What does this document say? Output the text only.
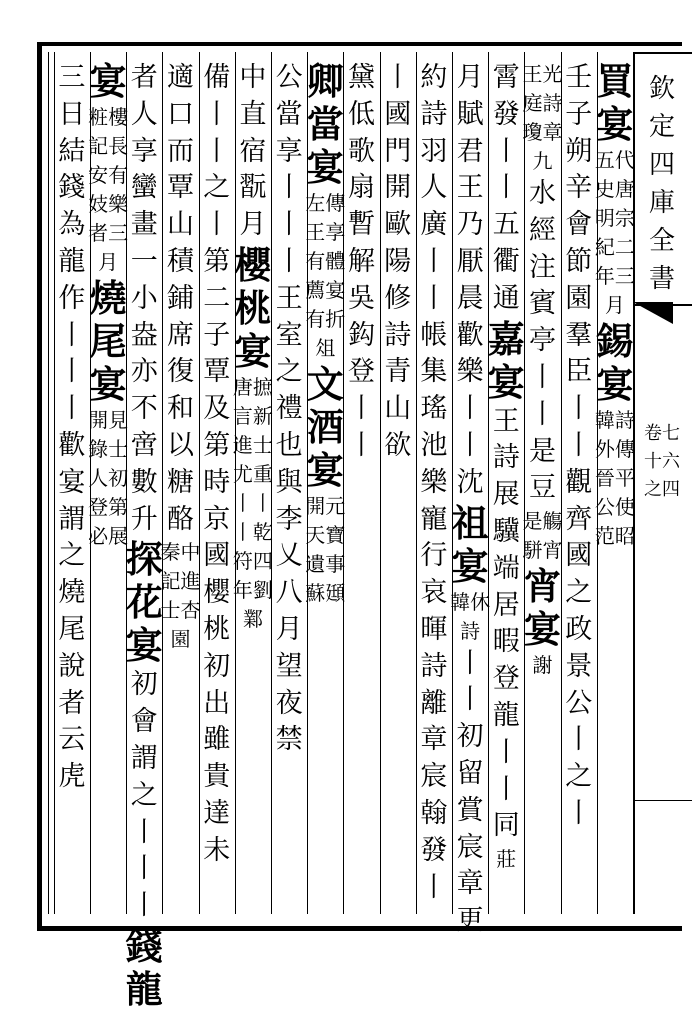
欽定四庫全書
卷七十六之四
買宴
五代史唐明宗紀二年三月
錫宴
韓詩外傳晉平公使范昭
壬子朔辛會節園羣臣丨丨
觀齊國之政景公丨之丨
王光庭詩瓊章九
水經注賓亭丨丨是豆
是觴駢宵
宵宴
謝
霄發丨丨五衢通
嘉宴
王詩展驥端居暇登龍丨丨同
莊
月賦君王乃厭晨歡樂丨丨沈
祖宴
韓休詩
丨丨初留賞宸章更
約詩羽人廣丨丨帳集瑤池樂
寵行哀暉詩離章宸翰發丨
丨國門開歐陽修詩青山欲
黛低歌扇暫解吳鈎登丨丨
卿當宴
左傳王享有體薦宴有折俎
文酒宴
開元天寶遺事蘇頲
公當享丨丨丨王室之禮也
與李乂八月望夜禁
中直宿翫月
櫻桃宴
唐摭言新進士尤重丨丨丨乾符四年劉鄴
備丨丨之丨第二子覃及第時京國櫻桃初出雖貴達未
適口而覃山積鋪席復和以糖酪
秦中記進士杏園
者人享蠻畫一小盎亦不啻數升
探花宴
初會謂之丨丨丨
錢龍
宴
粧樓記長安有妓樂者三月
燒尾宴
開見錄士人初登第必展
三日結錢為龍作丨丨丨
歡宴謂之燒尾說者云虎
